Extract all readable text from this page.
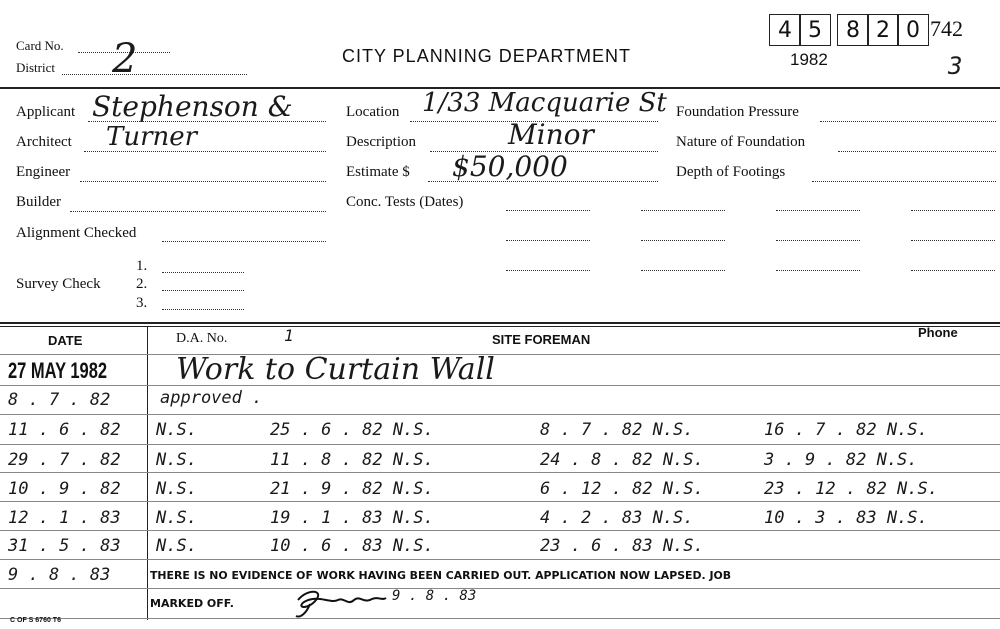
Card No. 2
District
CITY PLANNING DEPARTMENT	1982
4 5	8 2 0 742
3
Applicant Stephenson &
Architect Turner
Engineer
Builder
Alignment Checked
Survey Check
1.
2.
3.
Location 1/33 Macquarie St
Description	Minor
Estimate $ $50,000
Conc. Tests (Dates)
Foundation Pressure
Nature of Foundation
Depth of Footings
DATE	D.A. No.	1	SITE FOREMAN	Phone
27 MAY 1982 Work to Curtain Wall
8 . 7 . 82	approved .
11 . 6 . 82 N.S.	25 . 6 . 82 N.S.	8 . 7 . 82 N.S.	16 . 7 . 82 N.S.
29 . 7 . 82 N.S.	11 . 8 . 82 N.S.	24 . 8 . 82 N.S.	3 . 9 . 82 N.S.
10 . 9 . 82 N.S.	21 . 9 . 82 N.S.	6 . 12 . 82 N.S.	23 . 12 . 82 N.S.
12 . 1 . 83 N.S.	19 . 1 . 83 N.S.	4 . 2 . 83 N.S.	10 . 3 . 83 N.S.
31 . 5 . 83 N.S.	10 . 6 . 83 N.S.	23 . 6 . 83 N.S.
9 . 8 . 83	THERE IS NO EVIDENCE OF WORK HAVING BEEN CARRIED OUT. APPLICATION NOW LAPSED. JOB
MARKED OFF.	9 . 8 . 83
C OF S 6760 T6
